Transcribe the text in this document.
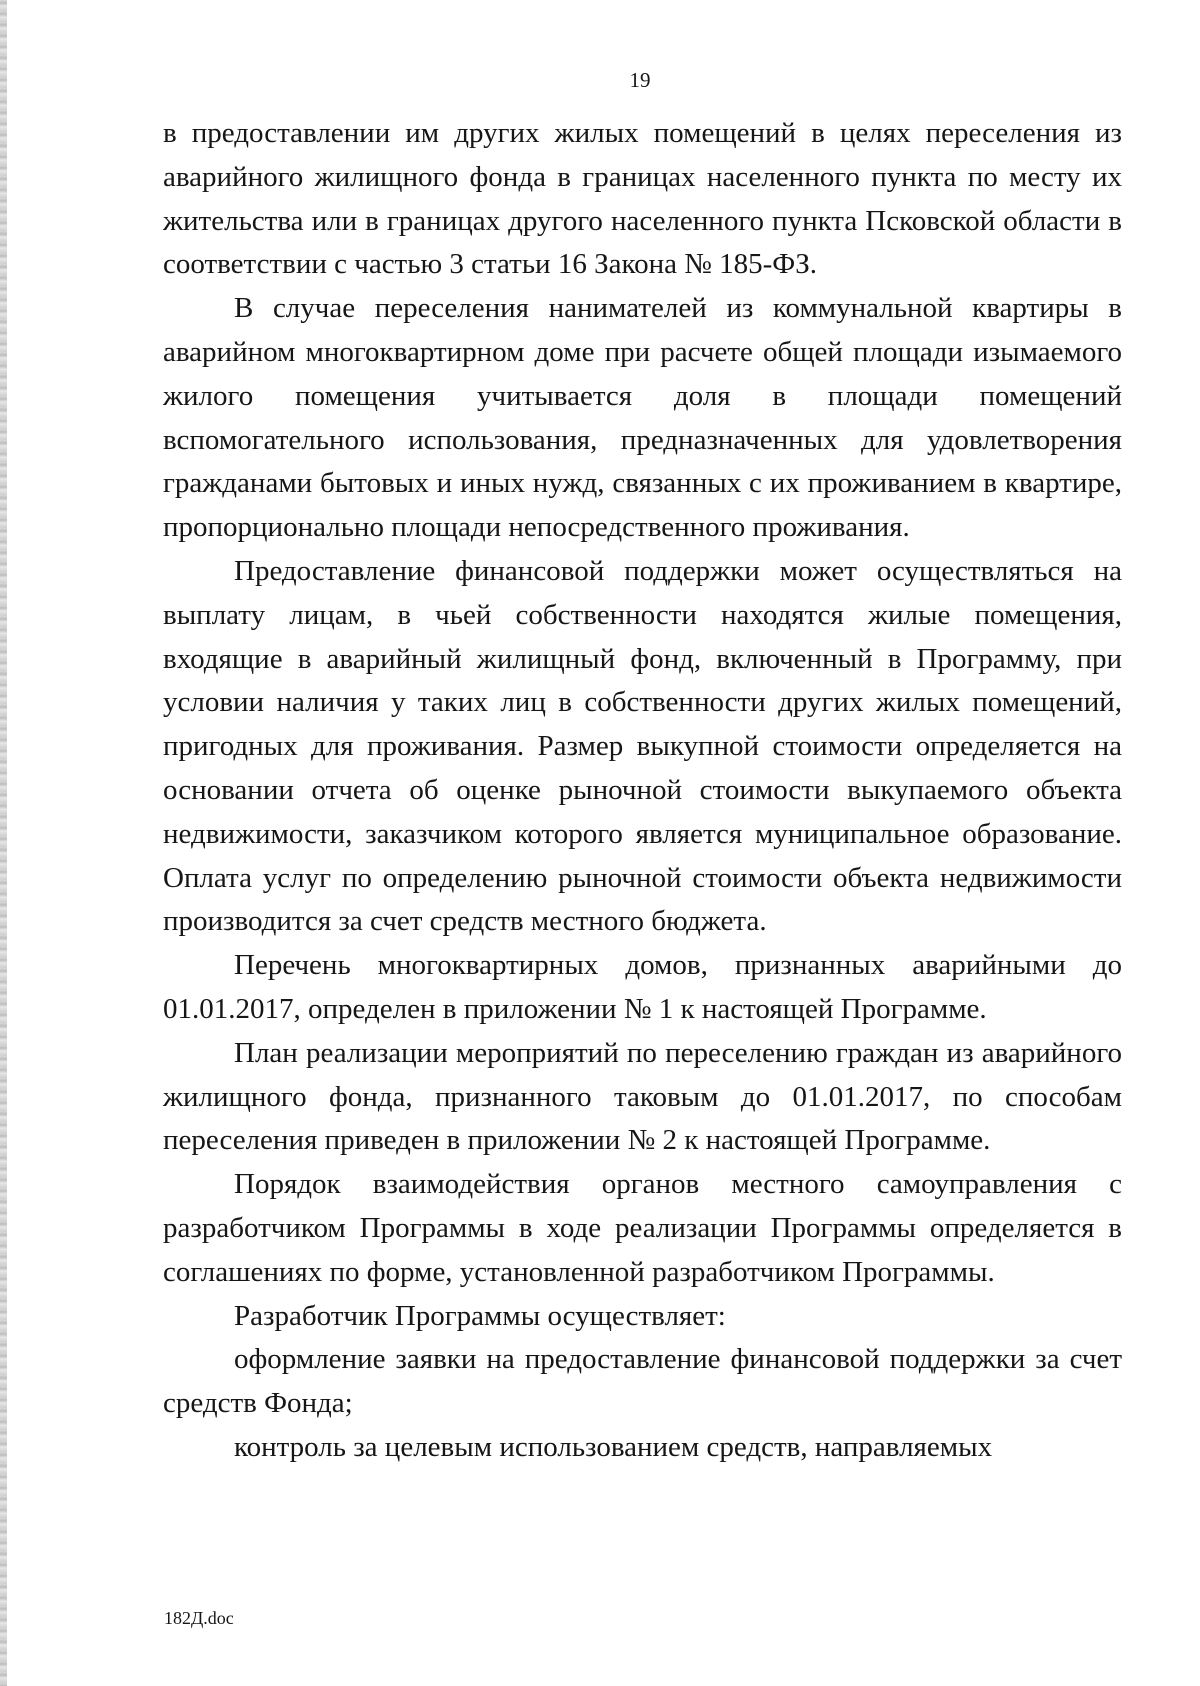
19

в предоставлении им других жилых помещений в целях переселения из аварийного жилищного фонда в границах населенного пункта по месту их жительства или в границах другого населенного пункта Псковской области в соответствии с частью 3 статьи 16 Закона № 185-ФЗ.

В случае переселения нанимателей из коммунальной квартиры в аварийном многоквартирном доме при расчете общей площади изымаемого жилого помещения учитывается доля в площади помещений вспомогательного использования, предназначенных для удовлетворения гражданами бытовых и иных нужд, связанных с их проживанием в квартире, пропорционально площади непосредственного проживания.

Предоставление финансовой поддержки может осуществляться на выплату лицам, в чьей собственности находятся жилые помещения, входящие в аварийный жилищный фонд, включенный в Программу, при условии наличия у таких лиц в собственности других жилых помещений, пригодных для проживания. Размер выкупной стоимости определяется на основании отчета об оценке рыночной стоимости выкупаемого объекта недвижимости, заказчиком которого является муниципальное образование. Оплата услуг по определению рыночной стоимости объекта недвижимости производится за счет средств местного бюджета.

Перечень многоквартирных домов, признанных аварийными до 01.01.2017, определен в приложении № 1 к настоящей Программе.

План реализации мероприятий по переселению граждан из аварийного жилищного фонда, признанного таковым до 01.01.2017, по способам переселения приведен в приложении № 2 к настоящей Программе.

Порядок взаимодействия органов местного самоуправления с разработчиком Программы в ходе реализации Программы определяется в соглашениях по форме, установленной разработчиком Программы.

Разработчик Программы осуществляет:

оформление заявки на предоставление финансовой поддержки за счет средств Фонда;

контроль за целевым использованием средств, направляемых

182Д.doc
